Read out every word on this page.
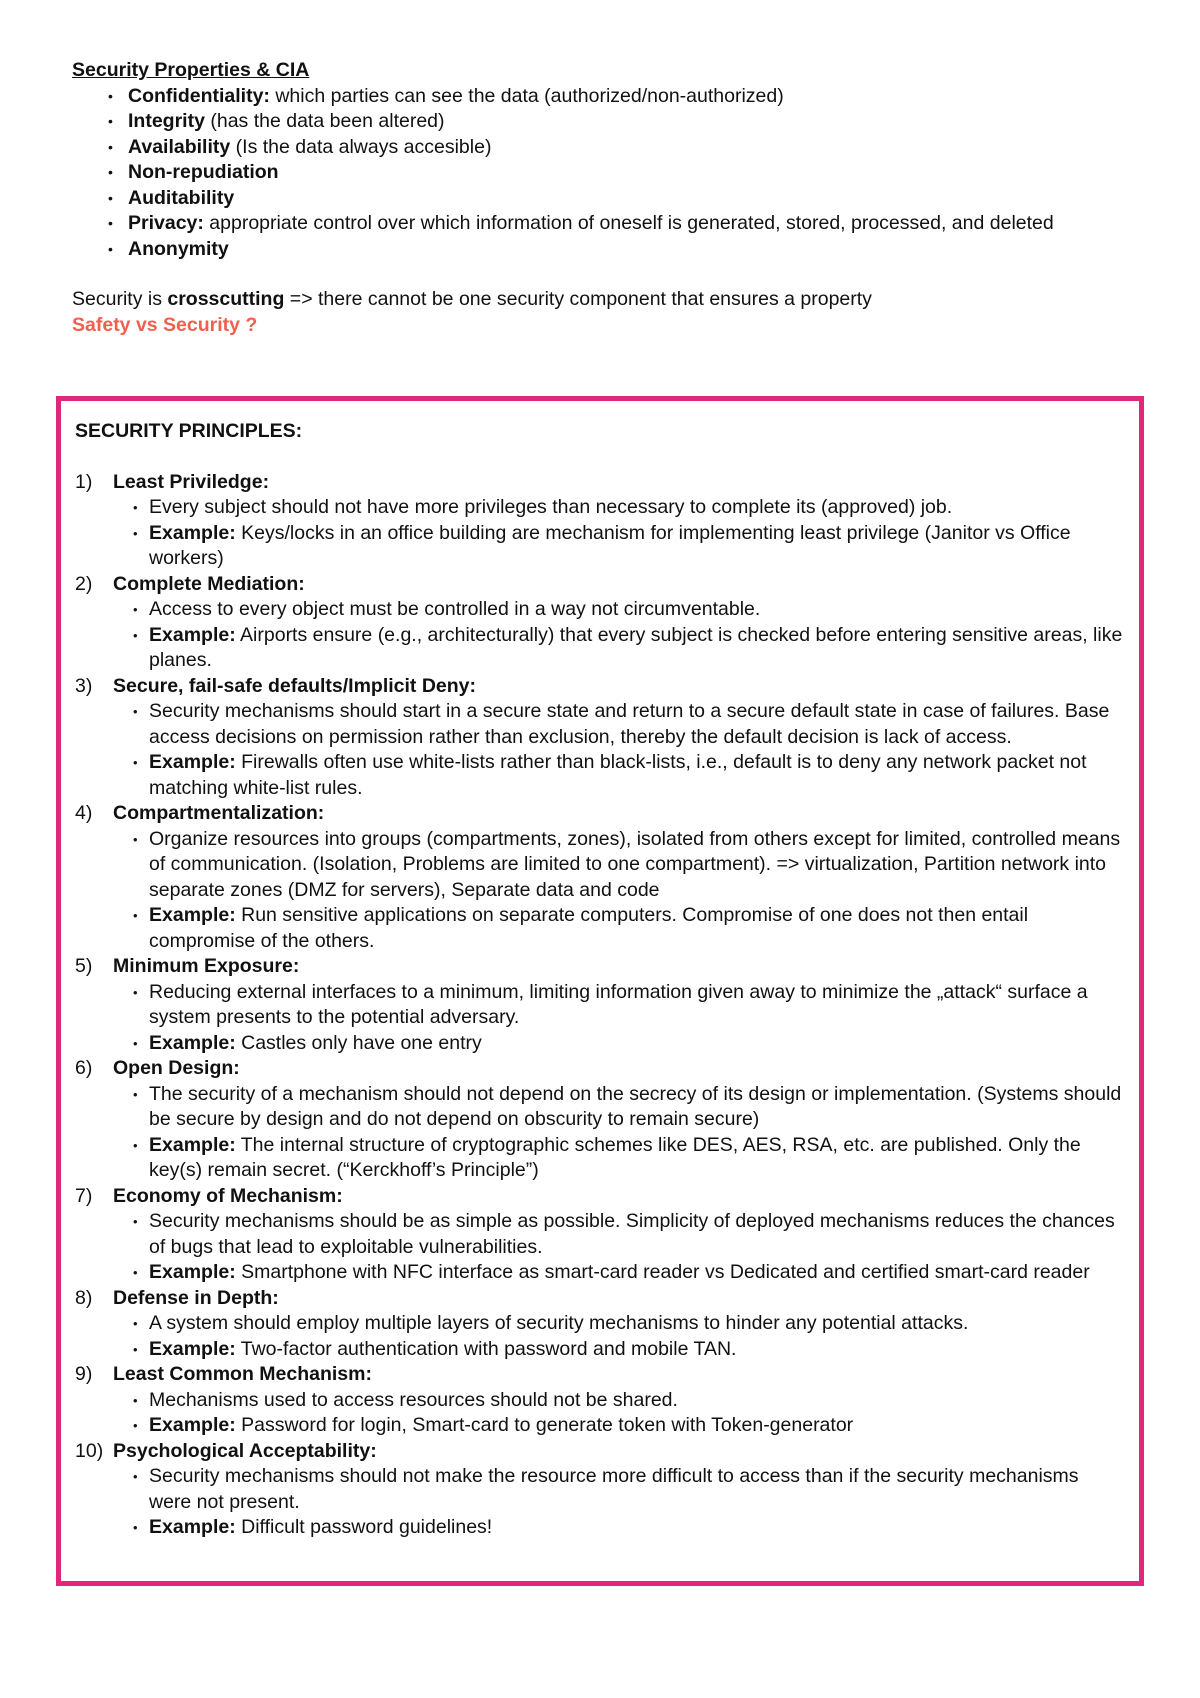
Security Properties & CIA

• Confidentiality: which parties can see the data (authorized/non-authorized)
• Integrity (has the data been altered)
• Availability (Is the data always accesible)
• Non-repudiation
• Auditability
• Privacy: appropriate control over which information of oneself is generated, stored, processed, and deleted
• Anonymity
Security is crosscutting => there cannot be one security component that ensures a property
Safety vs Security ?
SECURITY PRINCIPLES:
1) Least Priviledge:
• Every subject should not have more privileges than necessary to complete its (approved) job.
• Example: Keys/locks in an office building are mechanism for implementing least privilege (Janitor vs Office workers)
2) Complete Mediation:
• Access to every object must be controlled in a way not circumventable.
• Example: Airports ensure (e.g., architecturally) that every subject is checked before entering sensitive areas, like planes.
3) Secure, fail-safe defaults/Implicit Deny:
• Security mechanisms should start in a secure state and return to a secure default state in case of failures. Base access decisions on permission rather than exclusion, thereby the default decision is lack of access.
• Example: Firewalls often use white-lists rather than black-lists, i.e., default is to deny any network packet not matching white-list rules.
4) Compartmentalization:
• Organize resources into groups (compartments, zones), isolated from others except for limited, controlled means of communication. (Isolation, Problems are limited to one compartment). => virtualization, Partition network into separate zones (DMZ for servers), Separate data and code
• Example: Run sensitive applications on separate computers. Compromise of one does not then entail compromise of the others.
5) Minimum Exposure:
• Reducing external interfaces to a minimum, limiting information given away to minimize the „attack“ surface a system presents to the potential adversary.
• Example: Castles only have one entry
6) Open Design:
• The security of a mechanism should not depend on the secrecy of its design or implementation. (Systems should be secure by design and do not depend on obscurity to remain secure)
• Example: The internal structure of cryptographic schemes like DES, AES, RSA, etc. are published. Only the key(s) remain secret. (“Kerckhoff’s Principle”)
7) Economy of Mechanism:
• Security mechanisms should be as simple as possible. Simplicity of deployed mechanisms reduces the chances of bugs that lead to exploitable vulnerabilities.
• Example: Smartphone with NFC interface as smart-card reader vs Dedicated and certified smart-card reader
8) Defense in Depth:
• A system should employ multiple layers of security mechanisms to hinder any potential attacks.
• Example: Two-factor authentication with password and mobile TAN.
9) Least Common Mechanism:
• Mechanisms used to access resources should not be shared.
• Example: Password for login, Smart-card to generate token with Token-generator
10) Psychological Acceptability:
• Security mechanisms should not make the resource more difficult to access than if the security mechanisms were not present.
• Example: Difficult password guidelines!
